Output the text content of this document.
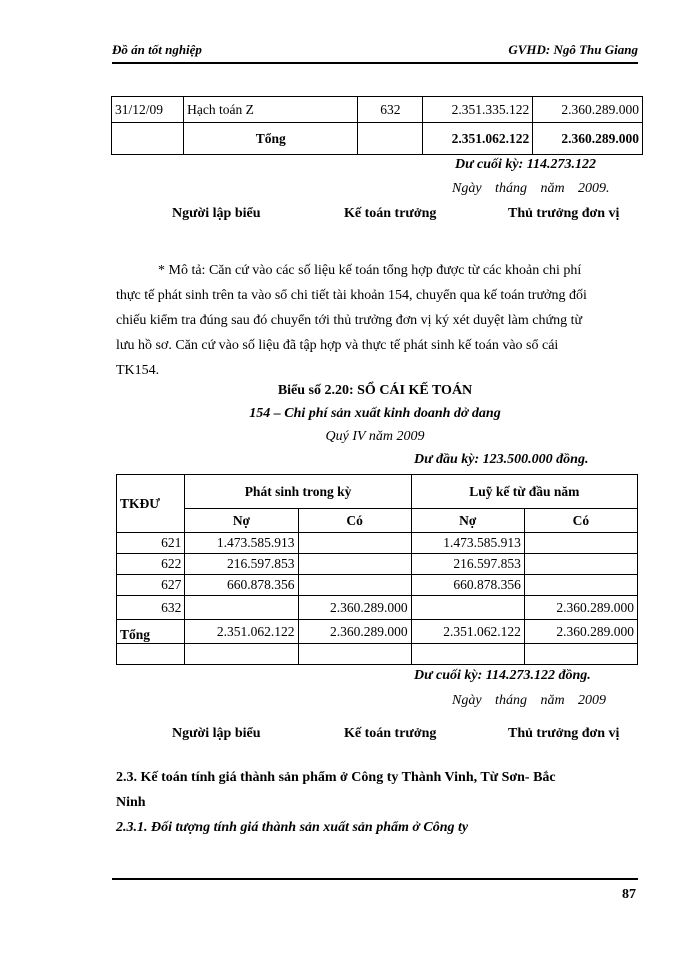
Đồ án tốt nghiệp	GVHD: Ngô Thu Giang
31/12/09	Hạch toán Z	632	2.351.335.122	2.360.289.000
	Tổng		2.351.062.122	2.360.289.000
Dư cuối kỳ: 114.273.122
Ngày tháng năm 2009.
Người lập biểu	Kế toán trưởng	Thủ trưởng đơn vị
* Mô tả: Căn cứ vào các số liệu kế toán tổng hợp được từ các khoản chi phí
thực tế phát sinh trên ta vào sổ chi tiết tài khoản 154, chuyển qua kế toán trưởng đối
chiếu kiểm tra đúng sau đó chuyển tới thủ trưởng đơn vị ký xét duyệt làm chứng từ
lưu hồ sơ. Căn cứ vào số liệu đã tập hợp và thực tế phát sinh kế toán vào sổ cái
TK154.
Biểu số 2.20: SỔ CÁI KẾ TOÁN
154 – Chi phí sản xuất kinh doanh dở dang
Quý IV năm 2009
Dư đầu kỳ: 123.500.000 đồng.
TKĐƯ	Phát sinh trong kỳ		Luỹ kế từ đầu năm	
	Nợ	Có	Nợ	Có
621	1.473.585.913		1.473.585.913	
622	216.597.853		216.597.853	
627	660.878.356		660.878.356	
632		2.360.289.000		2.360.289.000
Tổng	2.351.062.122	2.360.289.000	2.351.062.122	2.360.289.000

Dư cuối kỳ: 114.273.122 đồng.
Ngày tháng năm 2009
Người lập biểu	Kế toán trưởng	Thủ trưởng đơn vị
2.3. Kế toán tính giá thành sản phẩm ở Công ty Thành Vinh, Từ Sơn- Bắc
Ninh
2.3.1. Đối tượng tính giá thành sản xuất sản phẩm ở Công ty
87
